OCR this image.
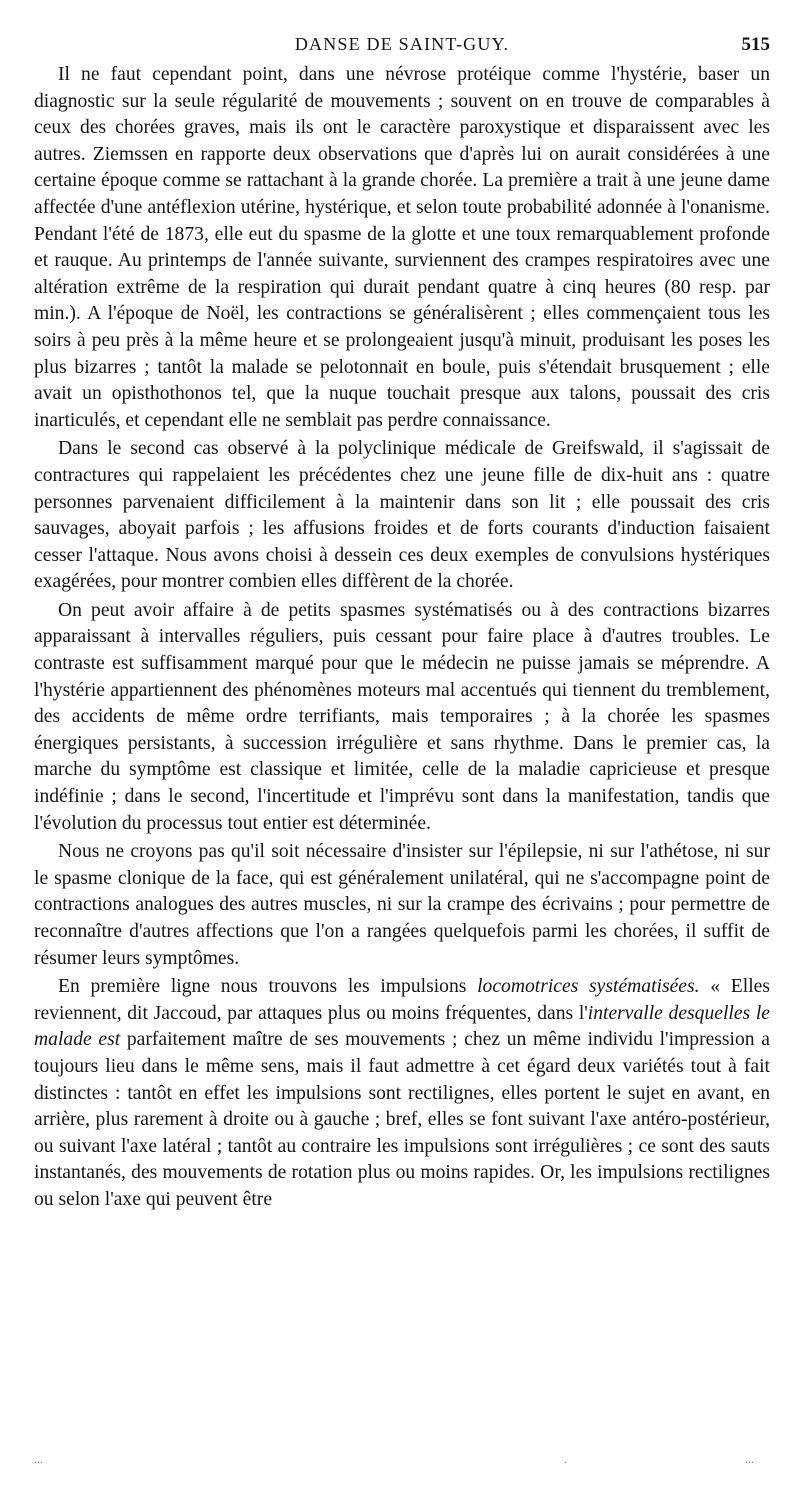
DANSE DE SAINT-GUY.	515

Il ne faut cependant point, dans une névrose protéique comme l'hystérie, baser un diagnostic sur la seule régularité de mouvements ; souvent on en trouve de comparables à ceux des chorées graves, mais ils ont le caractère paroxystique et disparaissent avec les autres. Ziemssen en rapporte deux observations que d'après lui on aurait considérées à une certaine époque comme se rattachant à la grande chorée. La première a trait à une jeune dame affectée d'une antéflexion utérine, hystérique, et selon toute probabilité adonnée à l'onanisme. Pendant l'été de 1873, elle eut du spasme de la glotte et une toux remarquablement profonde et rauque. Au printemps de l'année suivante, surviennent des crampes respiratoires avec une altération extrême de la respiration qui durait pendant quatre à cinq heures (80 resp. par min.). A l'époque de Noël, les contractions se généralisèrent ; elles commençaient tous les soirs à peu près à la même heure et se prolongeaient jusqu'à minuit, produisant les poses les plus bizarres ; tantôt la malade se pelotonnait en boule, puis s'étendait brusquement ; elle avait un opisthothonos tel, que la nuque touchait presque aux talons, poussait des cris inarticulés, et cependant elle ne semblait pas perdre connaissance.

Dans le second cas observé à la polyclinique médicale de Greifswald, il s'agissait de contractures qui rappelaient les précédentes chez une jeune fille de dix-huit ans : quatre personnes parvenaient difficilement à la maintenir dans son lit ; elle poussait des cris sauvages, aboyait parfois ; les affusions froides et de forts courants d'induction faisaient cesser l'attaque. Nous avons choisi à dessein ces deux exemples de convulsions hystériques exagérées, pour montrer combien elles diffèrent de la chorée.

On peut avoir affaire à de petits spasmes systématisés ou à des contractions bizarres apparaissant à intervalles réguliers, puis cessant pour faire place à d'autres troubles. Le contraste est suffisamment marqué pour que le médecin ne puisse jamais se méprendre. A l'hystérie appartiennent des phénomènes moteurs mal accentués qui tiennent du tremblement, des accidents de même ordre terrifiants, mais temporaires ; à la chorée les spasmes énergiques persistants, à succession irrégulière et sans rhythme. Dans le premier cas, la marche du symptôme est classique et limitée, celle de la maladie capricieuse et presque indéfinie ; dans le second, l'incertitude et l'imprévu sont dans la manifestation, tandis que l'évolution du processus tout entier est déterminée.

Nous ne croyons pas qu'il soit nécessaire d'insister sur l'épilepsie, ni sur l'athétose, ni sur le spasme clonique de la face, qui est généralement unilatéral, qui ne s'accompagne point de contractions analogues des autres muscles, ni sur la crampe des écrivains ; pour permettre de reconnaître d'autres affections que l'on a rangées quelquefois parmi les chorées, il suffit de résumer leurs symptômes.

En première ligne nous trouvons les impulsions locomotrices systématisées. « Elles reviennent, dit Jaccoud, par attaques plus ou moins fréquentes, dans l'intervalle desquelles le malade est parfaitement maître de ses mouvements ; chez un même individu l'impression a toujours lieu dans le même sens, mais il faut admettre à cet égard deux variétés tout à fait distinctes : tantôt en effet les impulsions sont rectilignes, elles portent le sujet en avant, en arrière, plus rarement à droite ou à gauche ; bref, elles se font suivant l'axe antéro-postérieur, ou suivant l'axe latéral ; tantôt au contraire les impulsions sont irrégulières ; ce sont des sauts instantanés, des mouvements de rotation plus ou moins rapides. Or, les impulsions rectilignes ou selon l'axe qui peuvent être

...	.	...
